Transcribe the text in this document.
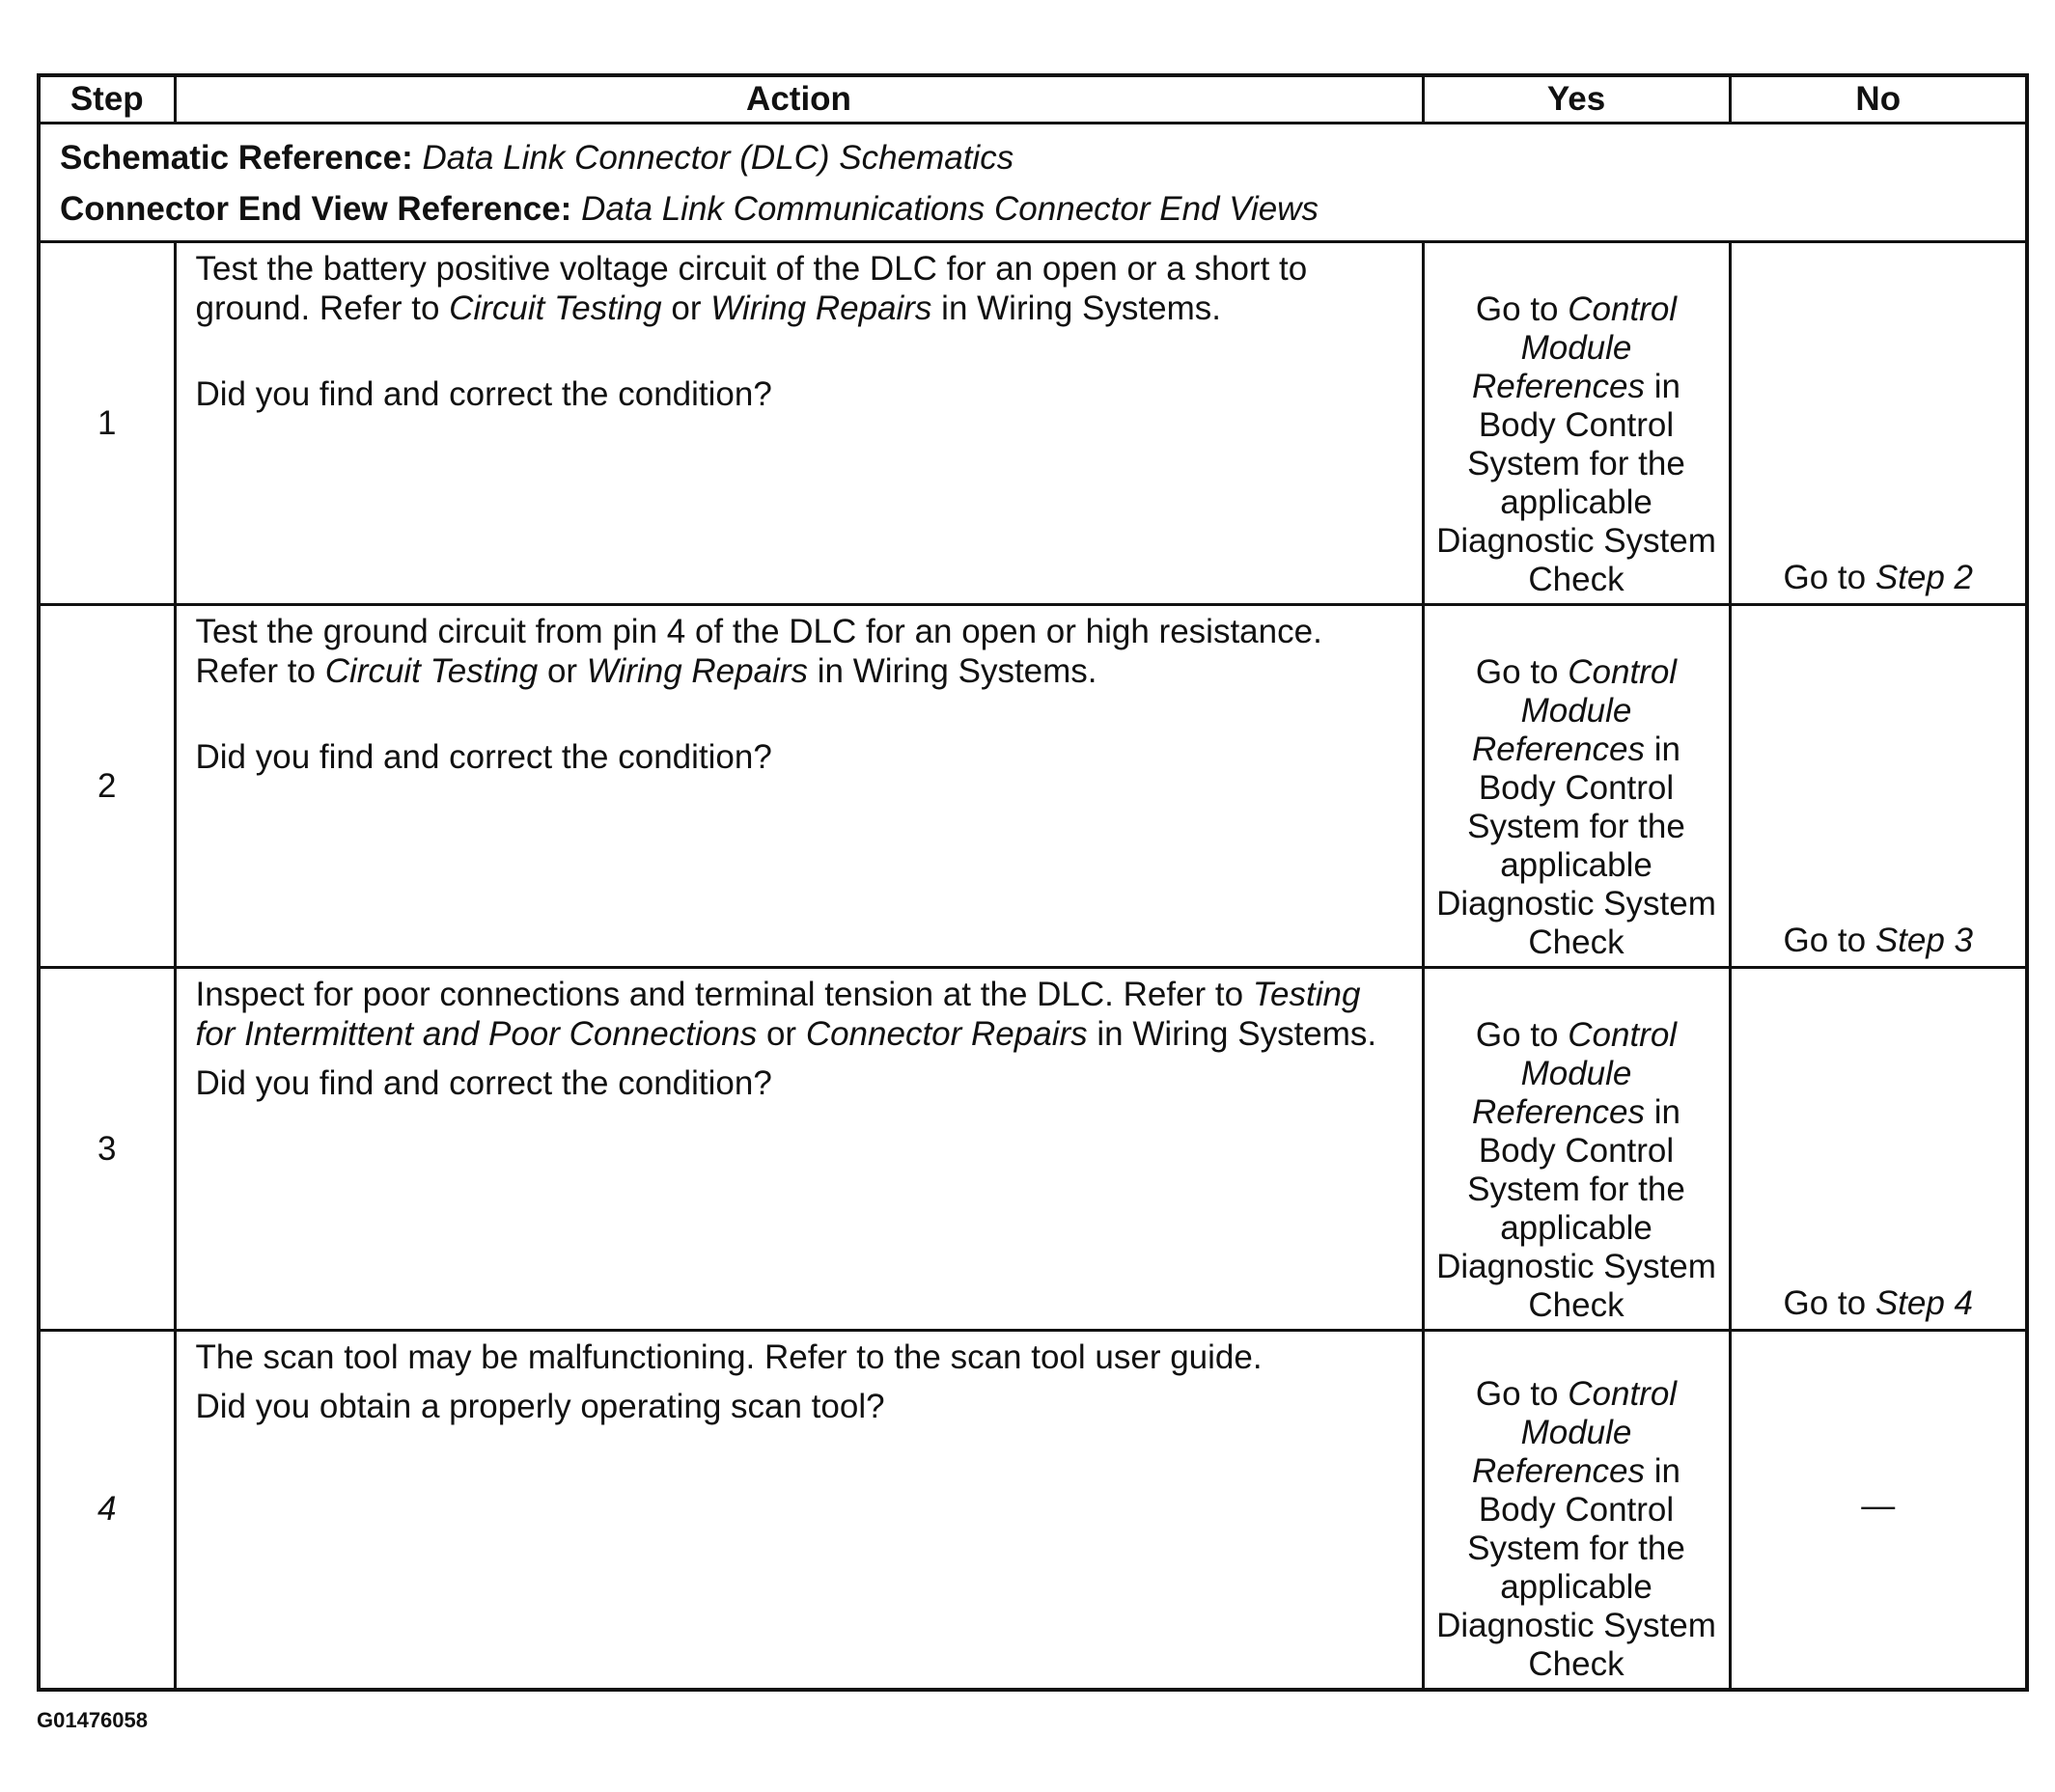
Step	Action	Yes	No

Schematic Reference: Data Link Connector (DLC) Schematics
Connector End View Reference: Data Link Communications Connector End Views			

1	Test the battery positive voltage circuit of the DLC for an open or a short to ground. Refer to Circuit Testing or Wiring Repairs in Wiring Systems.

Did you find and correct the condition?	Go to Control Module References in Body Control System for the applicable Diagnostic System Check	Go to Step 2
2	Test the ground circuit from pin 4 of the DLC for an open or high resistance. Refer to Circuit Testing or Wiring Repairs in Wiring Systems.

Did you find and correct the condition?	Go to Control Module References in Body Control System for the applicable Diagnostic System Check	Go to Step 3
3	Inspect for poor connections and terminal tension at the DLC. Refer to Testing for Intermittent and Poor Connections or Connector Repairs in Wiring Systems.

Did you find and correct the condition?	Go to Control Module References in Body Control System for the applicable Diagnostic System Check	Go to Step 4
4	The scan tool may be malfunctioning. Refer to the scan tool user guide.

Did you obtain a properly operating scan tool?	Go to Control Module References in Body Control System for the applicable Diagnostic System Check	—
G01476058
